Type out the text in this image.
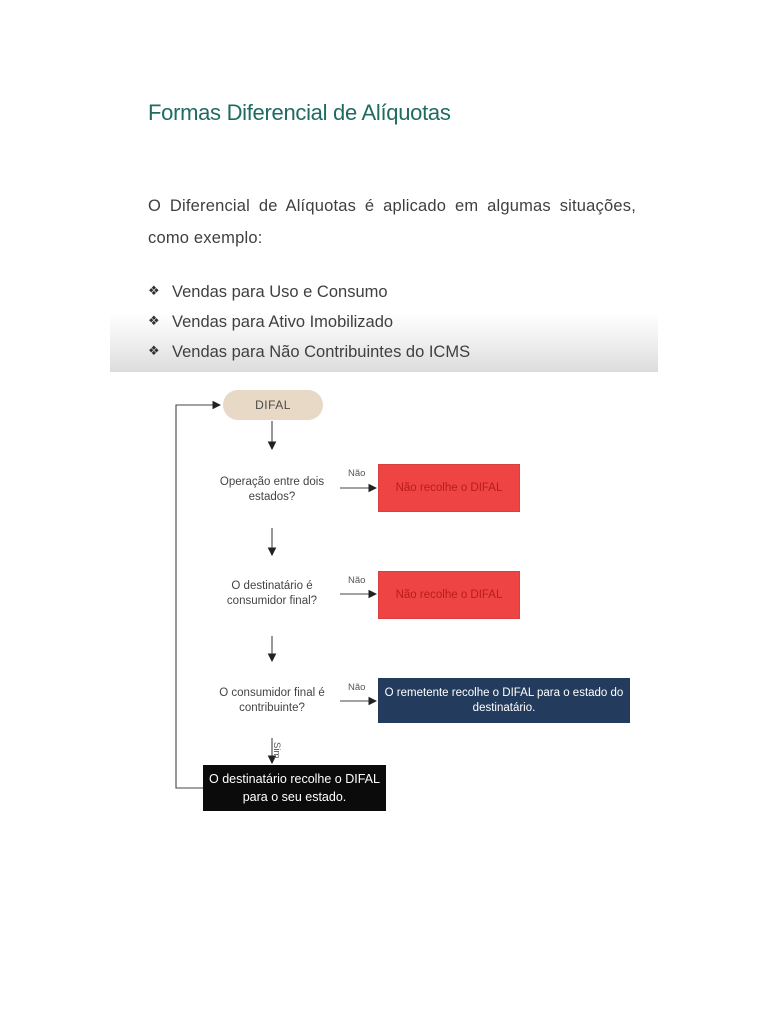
Formas Diferencial de Alíquotas
O Diferencial de Alíquotas é aplicado em algumas situações, como exemplo:
❖ Vendas para Uso e Consumo
❖ Vendas para Ativo Imobilizado
❖ Vendas para Não Contribuintes do ICMS
DIFAL
Operação entre dois estados?
Não
Não recolhe o DIFAL
O destinatário é consumidor final?
Não
Não recolhe o DIFAL
O consumidor final é contribuinte?
Não	O remetente recolhe o DIFAL para o estado do destinatário.
Sim
O destinatário recolhe o DIFAL para o seu estado.
